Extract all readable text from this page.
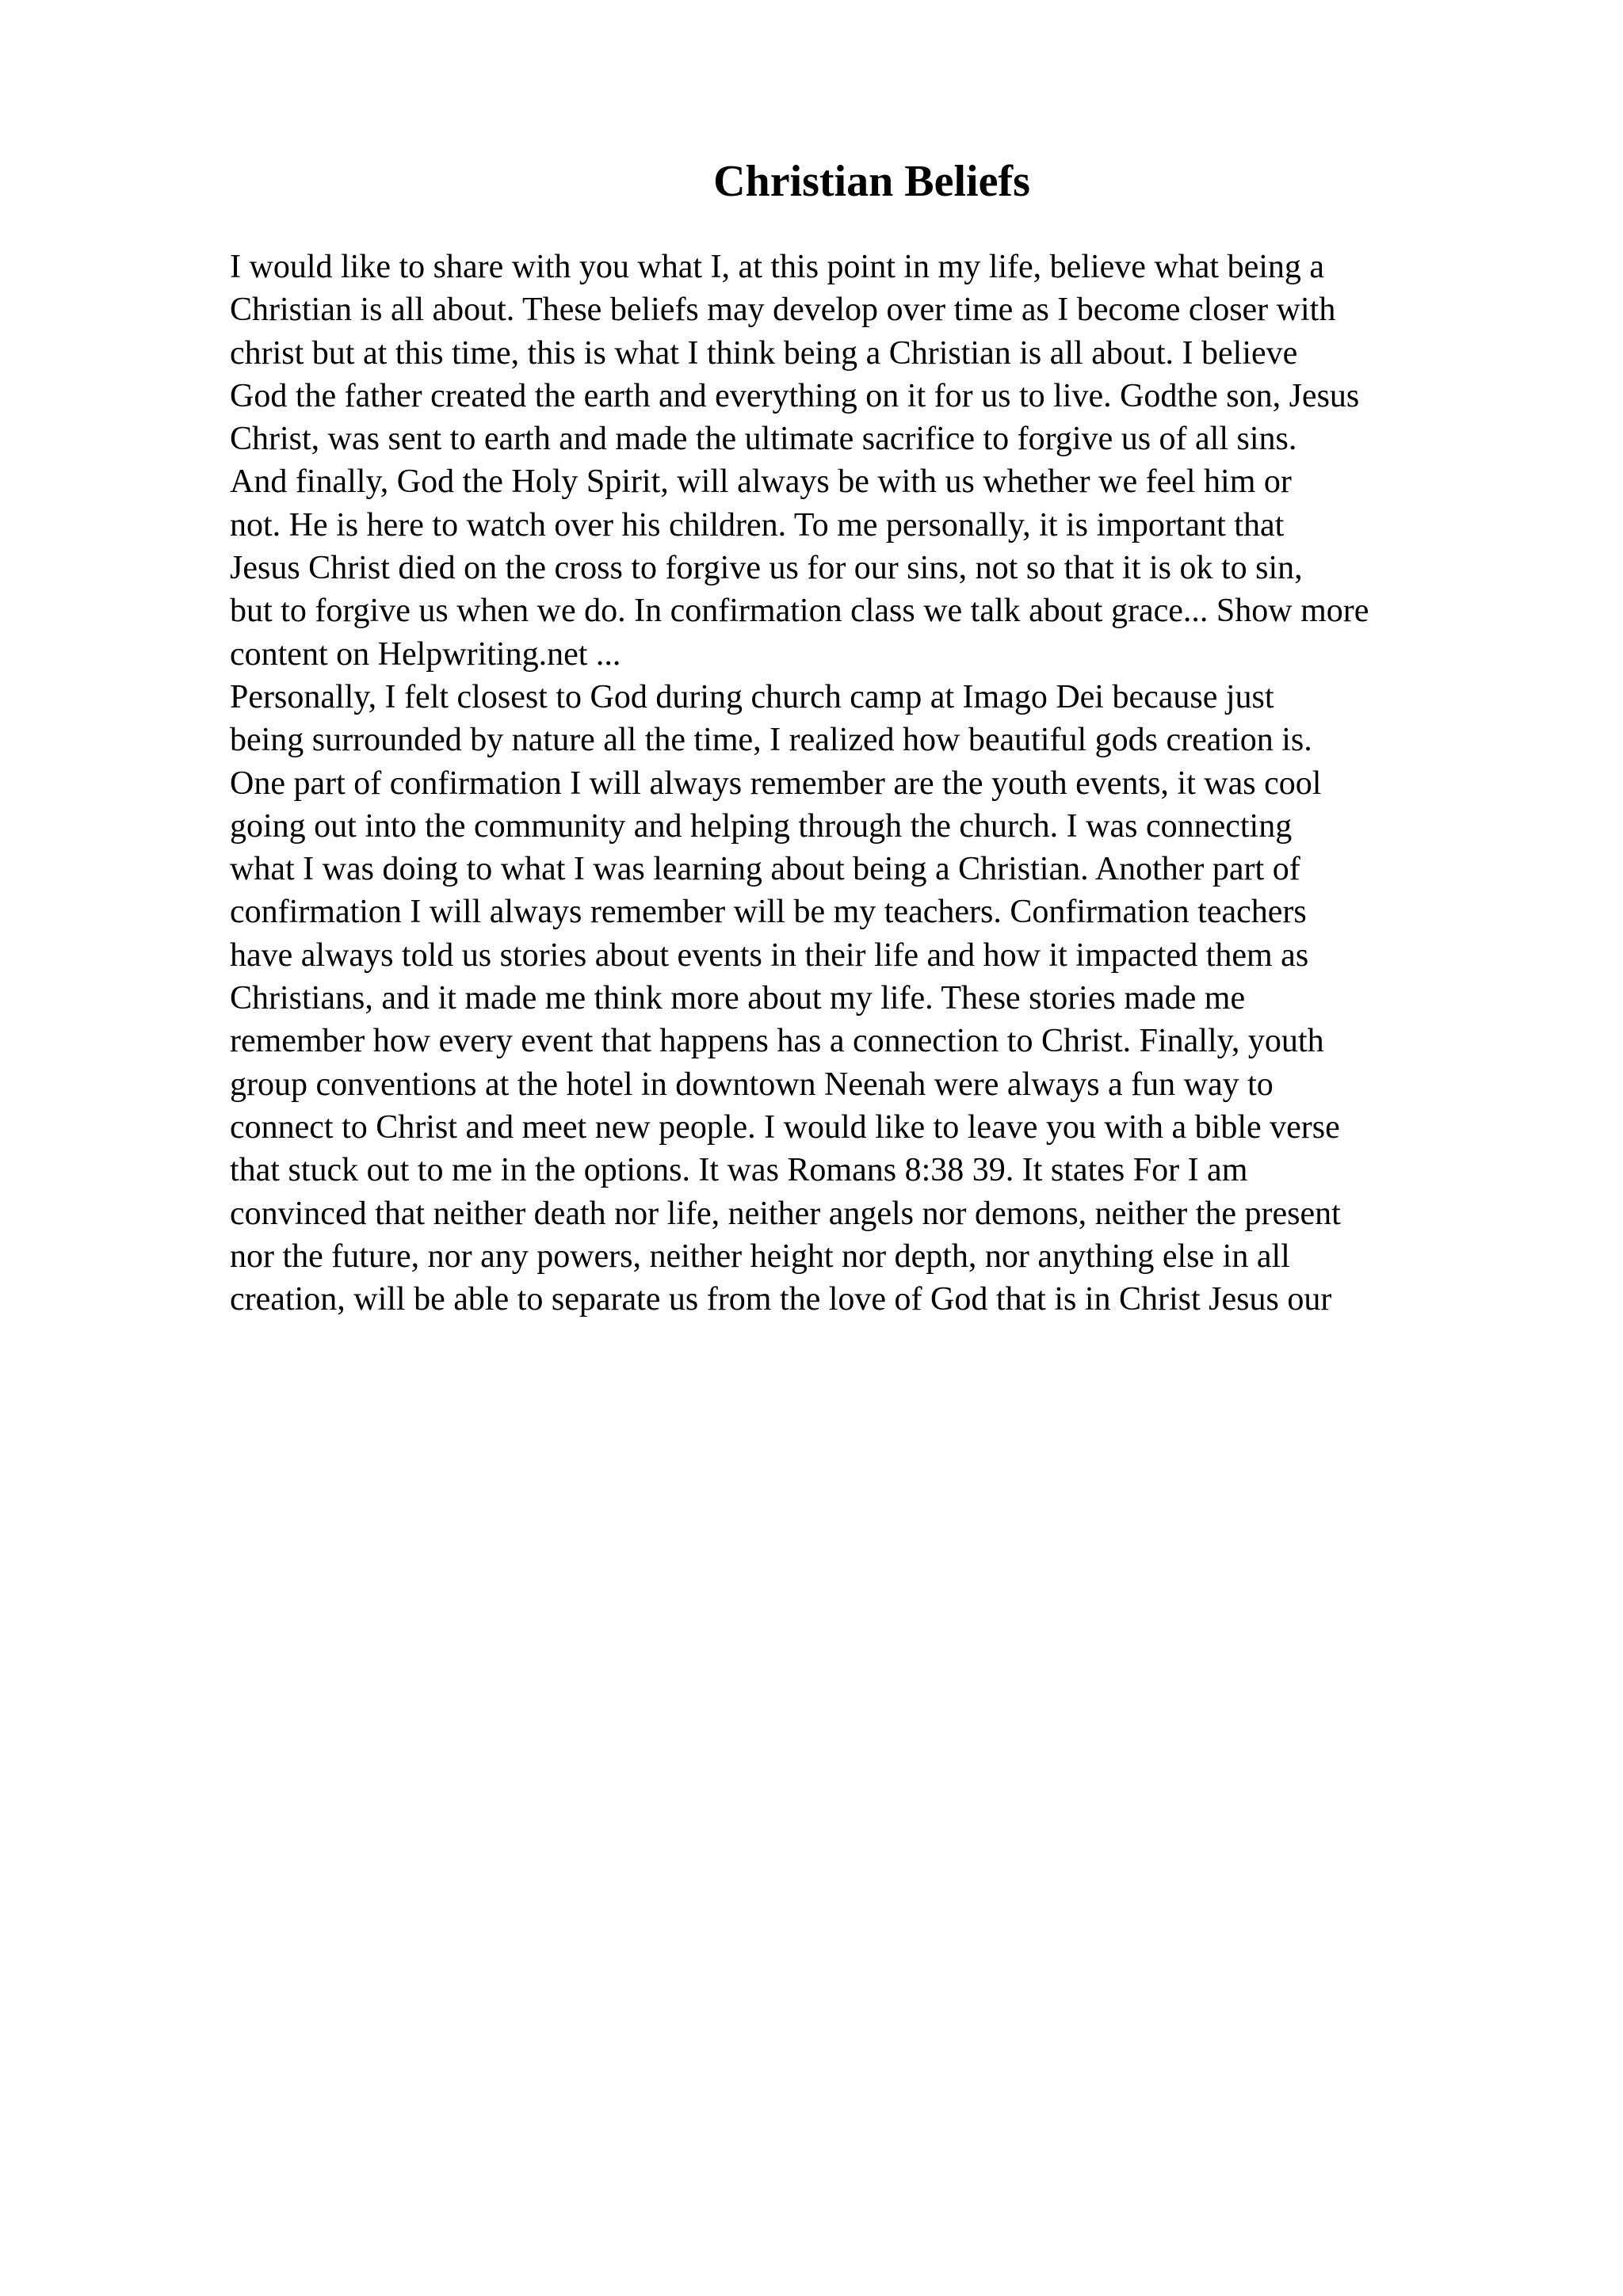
Christian Beliefs
I would like to share with you what I, at this point in my life, believe what being a
Christian is all about. These beliefs may develop over time as I become closer with
christ but at this time, this is what I think being a Christian is all about. I believe
God the father created the earth and everything on it for us to live. Godthe son, Jesus
Christ, was sent to earth and made the ultimate sacrifice to forgive us of all sins.
And finally, God the Holy Spirit, will always be with us whether we feel him or
not. He is here to watch over his children. To me personally, it is important that
Jesus Christ died on the cross to forgive us for our sins, not so that it is ok to sin,
but to forgive us when we do. In confirmation class we talk about grace... Show more
content on Helpwriting.net ...
Personally, I felt closest to God during church camp at Imago Dei because just
being surrounded by nature all the time, I realized how beautiful gods creation is.
One part of confirmation I will always remember are the youth events, it was cool
going out into the community and helping through the church. I was connecting
what I was doing to what I was learning about being a Christian. Another part of
confirmation I will always remember will be my teachers. Confirmation teachers
have always told us stories about events in their life and how it impacted them as
Christians, and it made me think more about my life. These stories made me
remember how every event that happens has a connection to Christ. Finally, youth
group conventions at the hotel in downtown Neenah were always a fun way to
connect to Christ and meet new people. I would like to leave you with a bible verse
that stuck out to me in the options. It was Romans 8:38 39. It states For I am
convinced that neither death nor life, neither angels nor demons, neither the present
nor the future, nor any powers, neither height nor depth, nor anything else in all
creation, will be able to separate us from the love of God that is in Christ Jesus our
